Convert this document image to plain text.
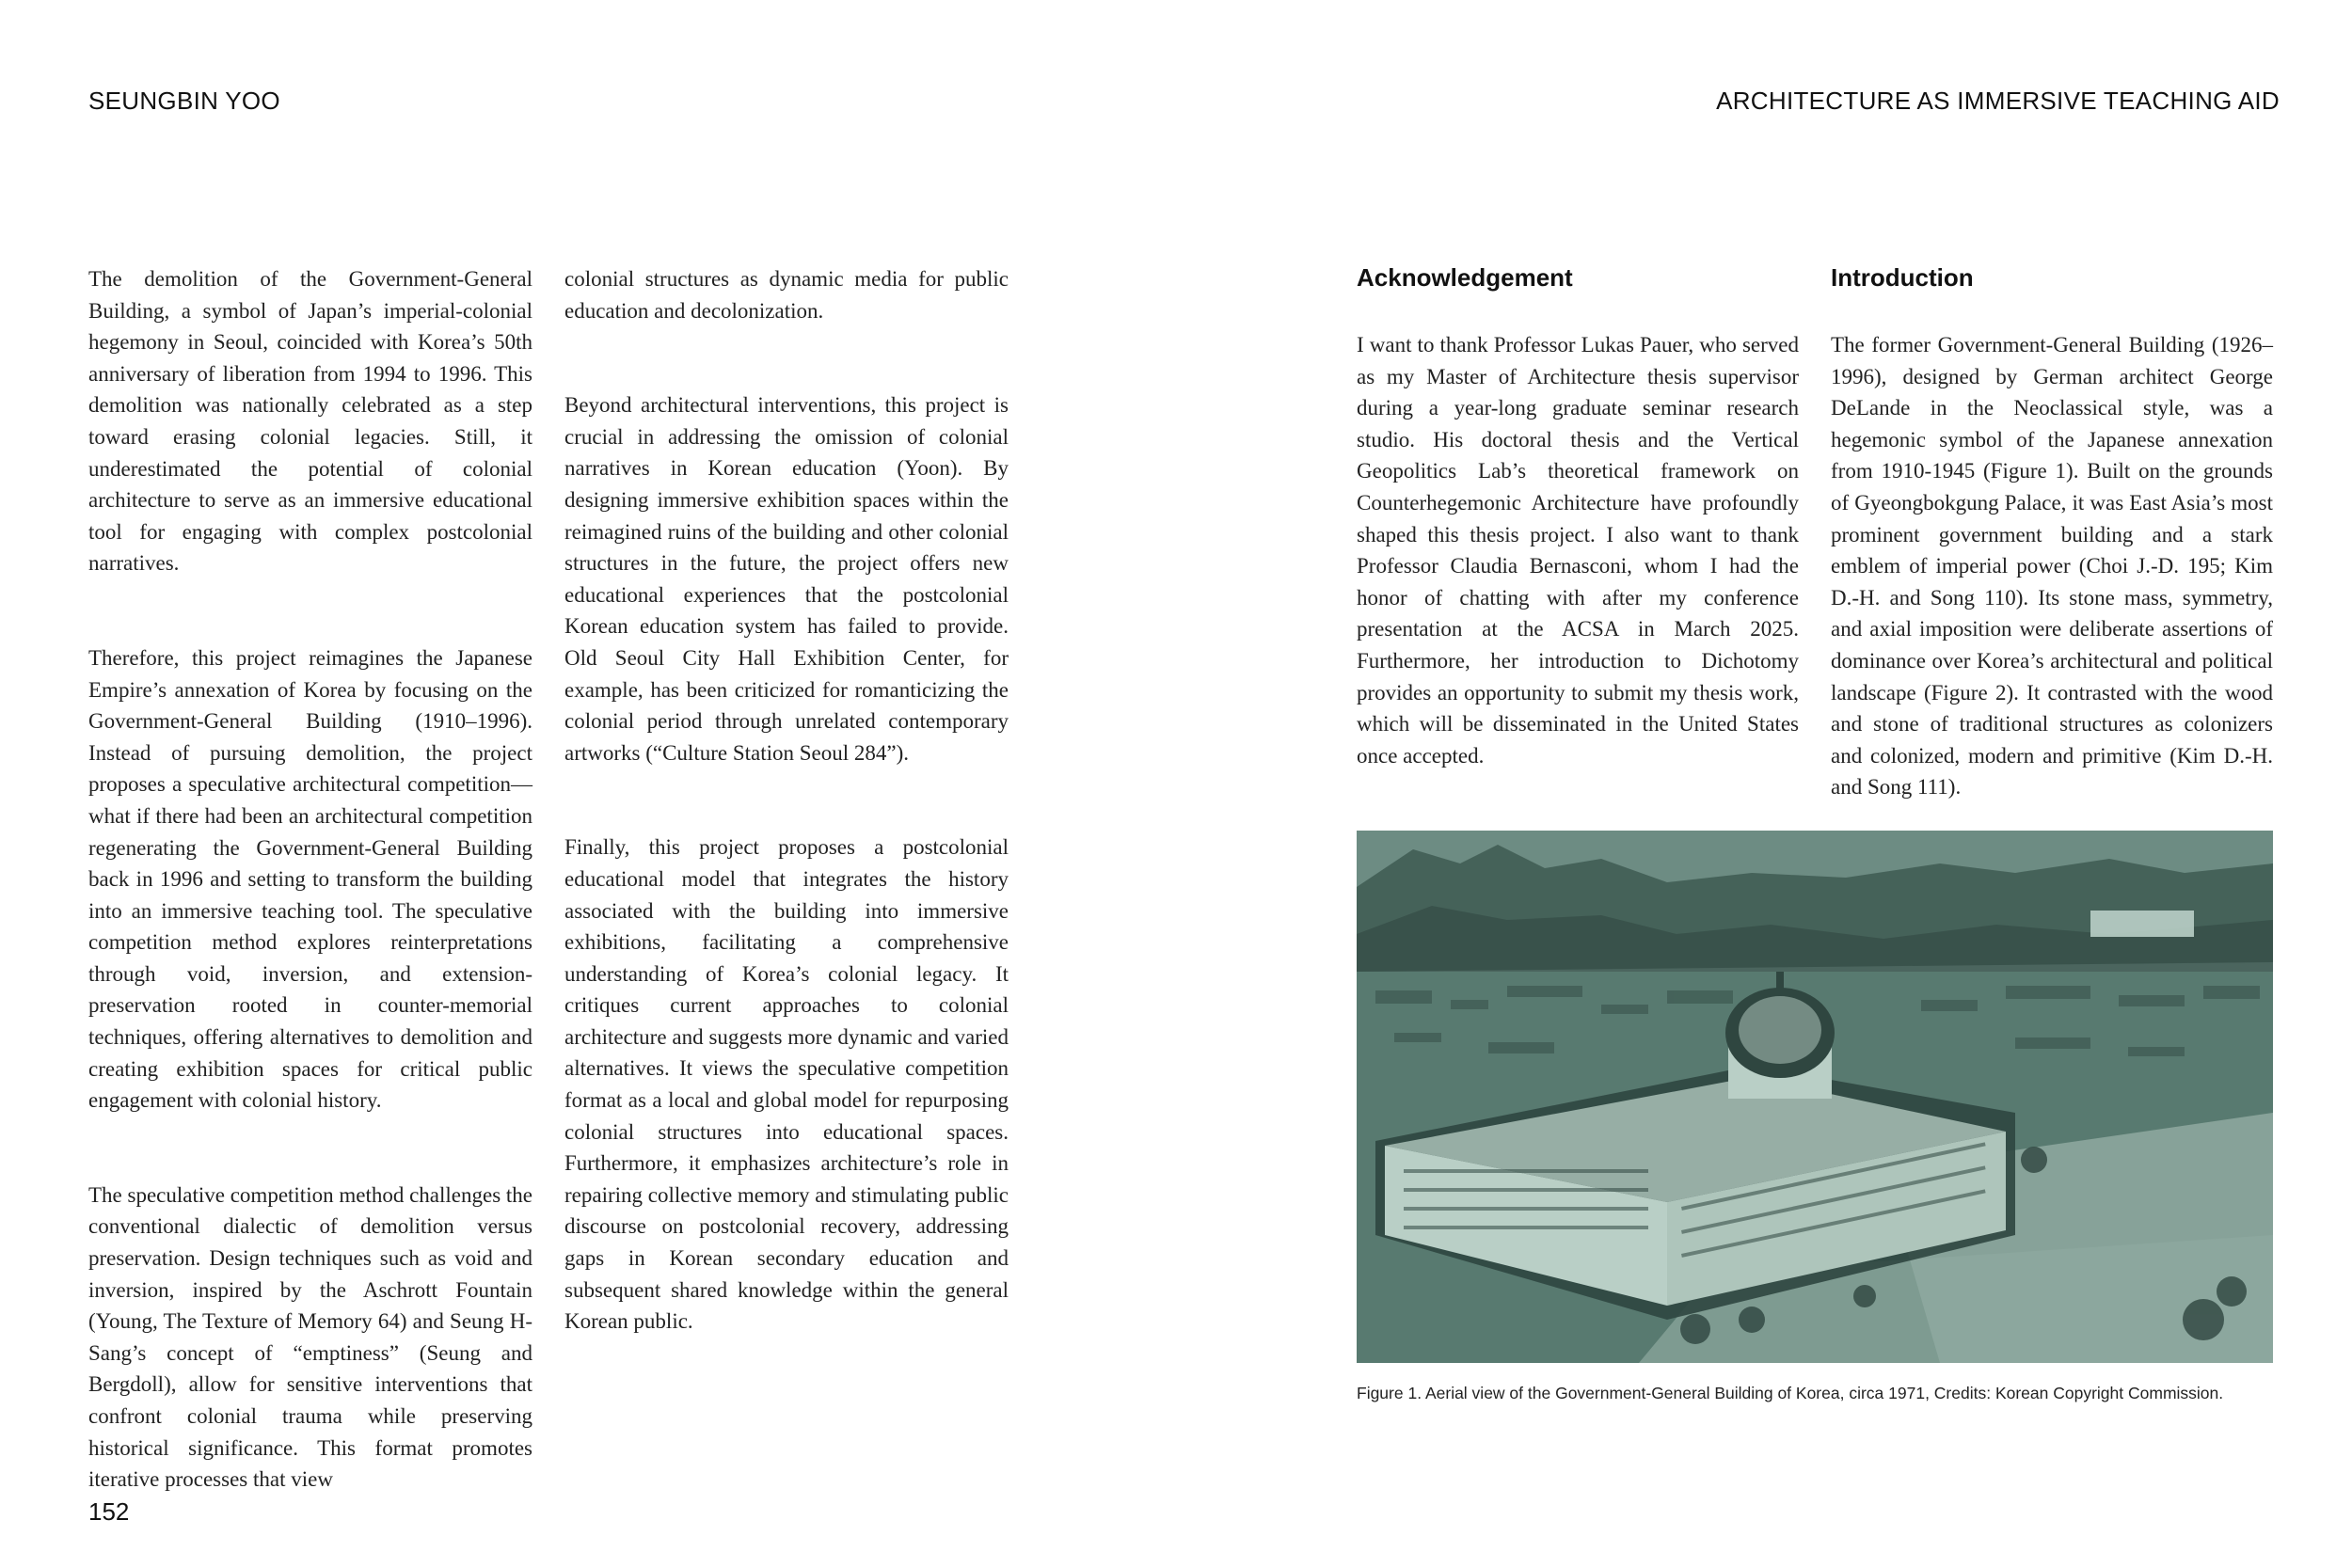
SEUNGBIN YOO	ARCHITECTURE AS IMMERSIVE TEACHING AID

The demolition of the Government-General Building, a symbol of Japan’s imperial-colonial hegemony in Seoul, coincided with Korea’s 50th anniversary of liberation from 1994 to 1996. This demolition was nationally celebrated as a step toward erasing colonial legacies. Still, it underestimated the potential of colonial architecture to serve as an immersive educational tool for engaging with complex postcolonial narratives.

Therefore, this project reimagines the Japanese Empire’s annexation of Korea by focusing on the Government-General Building (1910–1996). Instead of pursuing demolition, the project proposes a speculative architectural competition—what if there had been an architectural competition regenerating the Government-General Building back in 1996 and setting to transform the building into an immersive teaching tool. The speculative competition method explores reinterpretations through void, inversion, and extension-preservation rooted in counter-memorial techniques, offering alternatives to demolition and creating exhibition spaces for critical public engagement with colonial history.

The speculative competition method challenges the conventional dialectic of demolition versus preservation. Design techniques such as void and inversion, inspired by the Aschrott Fountain (Young, The Texture of Memory 64) and Seung H-Sang’s concept of “emptiness” (Seung and Bergdoll), allow for sensitive interventions that confront colonial trauma while preserving historical significance. This format promotes iterative processes that view

colonial structures as dynamic media for public education and decolonization.

Beyond architectural interventions, this project is crucial in addressing the omission of colonial narratives in Korean education (Yoon). By designing immersive exhibition spaces within the reimagined ruins of the building and other colonial structures in the future, the project offers new educational experiences that the postcolonial Korean education system has failed to provide. Old Seoul City Hall Exhibition Center, for example, has been criticized for romanticizing the colonial period through unrelated contemporary artworks (“Culture Station Seoul 284”).

Finally, this project proposes a postcolonial educational model that integrates the history associated with the building into immersive exhibitions, facilitating a comprehensive understanding of Korea’s colonial legacy. It critiques current approaches to colonial architecture and suggests more dynamic and varied alternatives. It views the speculative competition format as a local and global model for repurposing colonial structures into educational spaces. Furthermore, it emphasizes architecture’s role in repairing collective memory and stimulating public discourse on postcolonial recovery, addressing gaps in Korean secondary education and subsequent shared knowledge within the general Korean public.

Acknowledgement

I want to thank Professor Lukas Pauer, who served as my Master of Architecture thesis supervisor during a year-long graduate seminar research studio. His doctoral thesis and the Vertical Geopolitics Lab’s theoretical framework on Counterhegemonic Architecture have profoundly shaped this thesis project. I also want to thank Professor Claudia Bernasconi, whom I had the honor of chatting with after my conference presentation at the ACSA in March 2025. Furthermore, her introduction to Dichotomy provides an opportunity to submit my thesis work, which will be disseminated in the United States once accepted.

Introduction

The former Government-General Building (1926–1996), designed by German architect George DeLande in the Neoclassical style, was a hegemonic symbol of the Japanese annexation from 1910-1945 (Figure 1). Built on the grounds of Gyeongbokgung Palace, it was East Asia’s most prominent government building and a stark emblem of imperial power (Choi J.-D. 195; Kim D.-H. and Song 110). Its stone mass, symmetry, and axial imposition were deliberate assertions of dominance over Korea’s architectural and political landscape (Figure 2). It contrasted with the wood and stone of traditional structures as colonizers and colonized, modern and primitive (Kim D.-H. and Song 111).

Figure 1. Aerial view of the Government-General Building of Korea, circa 1971, Credits: Korean Copyright Commission.
152
